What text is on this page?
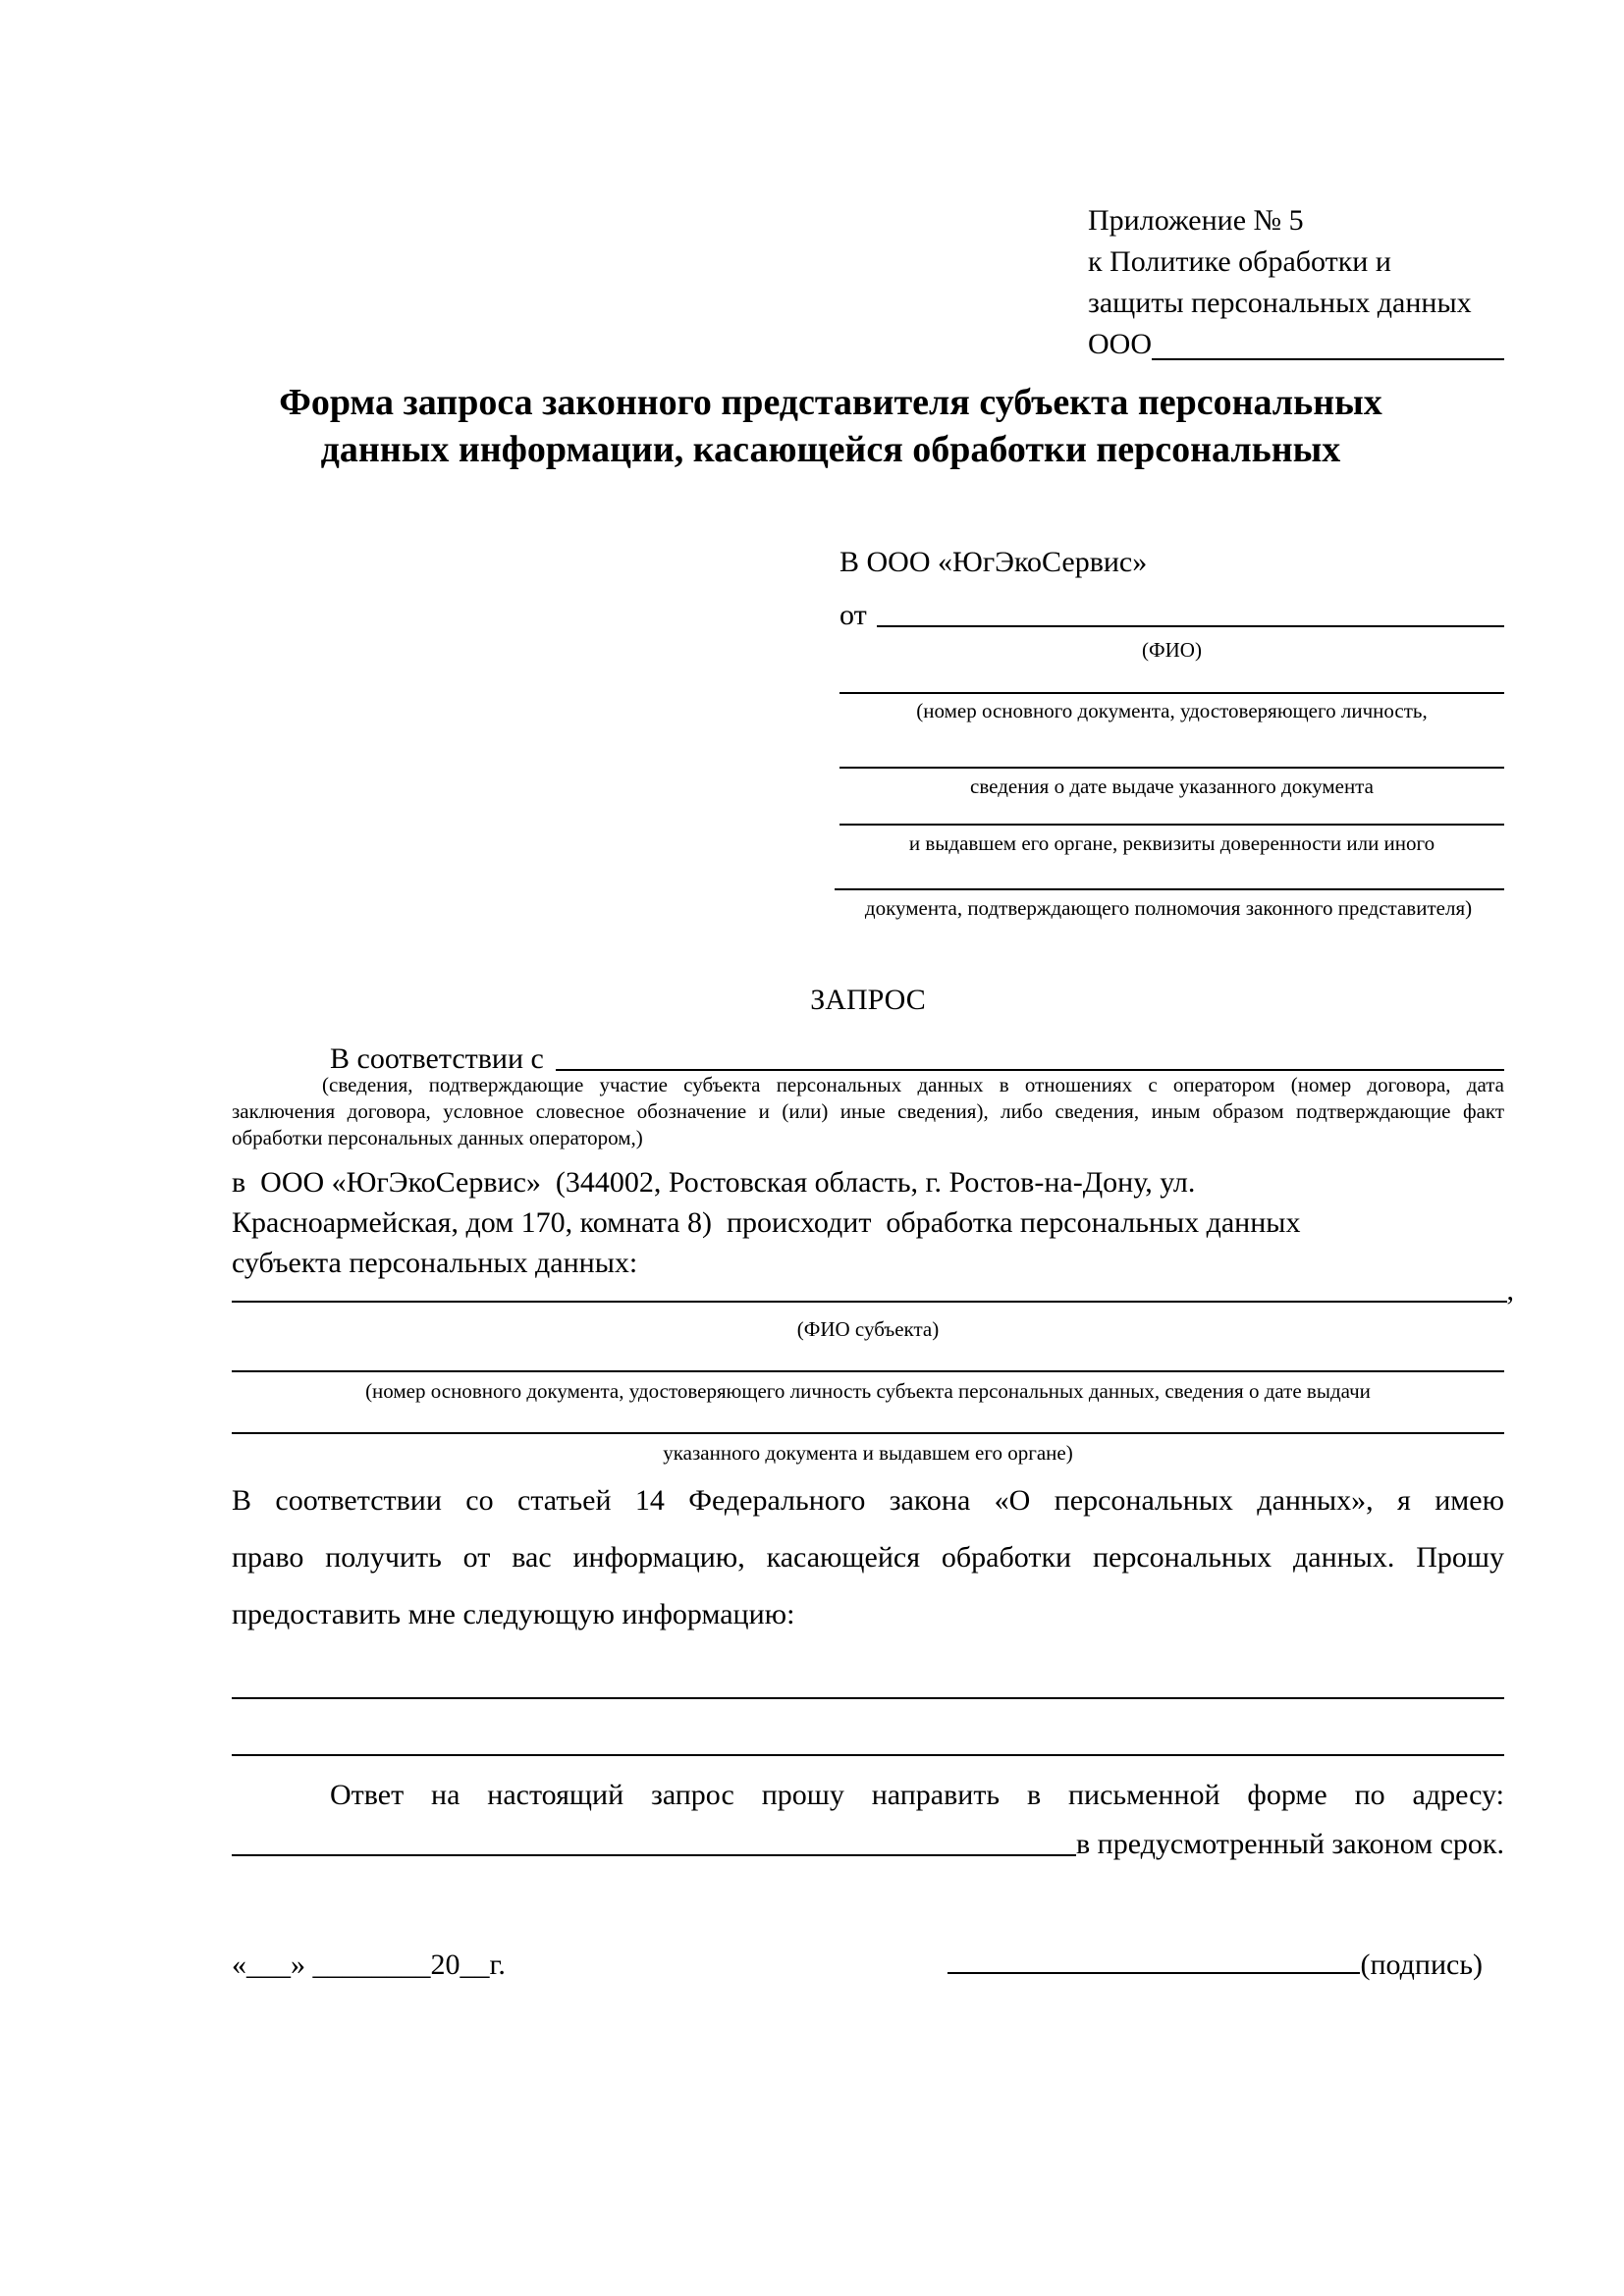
Приложение № 5
к Политике обработки и
защиты персональных данных
ООО
Форма запроса законного представителя субъекта персональных
данных информации, касающейся обработки персональных
В ООО «ЮгЭкоСервис»
от
(ФИО)
(номер основного документа, удостоверяющего личность,
сведения о дате выдаче указанного документа
и выдавшем его органе, реквизиты доверенности или иного
документа, подтверждающего полномочия законного представителя)
ЗАПРОС
В соответствии с
(сведения, подтверждающие участие субъекта персональных данных в отношениях с оператором (номер договора, дата
заключения договора, условное словесное обозначение и (или) иные сведения), либо сведения, иным образом подтверждающие факт
обработки персональных данных оператором,)
в  ООО «ЮгЭкоСервис»  (344002, Ростовская область, г. Ростов-на-Дону, ул.
Красноармейская, дом 170, комната 8)  происходит  обработка персональных данных
субъекта персональных данных:
,
(ФИО субъекта)
(номер основного документа, удостоверяющего личность субъекта персональных данных, сведения о дате выдачи
указанного документа и выдавшем его органе)
В соответствии со статьей 14 Федерального закона «О персональных данных», я имею
право получить от вас информацию, касающейся обработки персональных данных. Прошу
предоставить мне следующую информацию:
Ответ на настоящий запрос прошу направить в письменной форме по адресу:
в предусмотренный законом срок.
«___» ________20__г.	(подпись)
